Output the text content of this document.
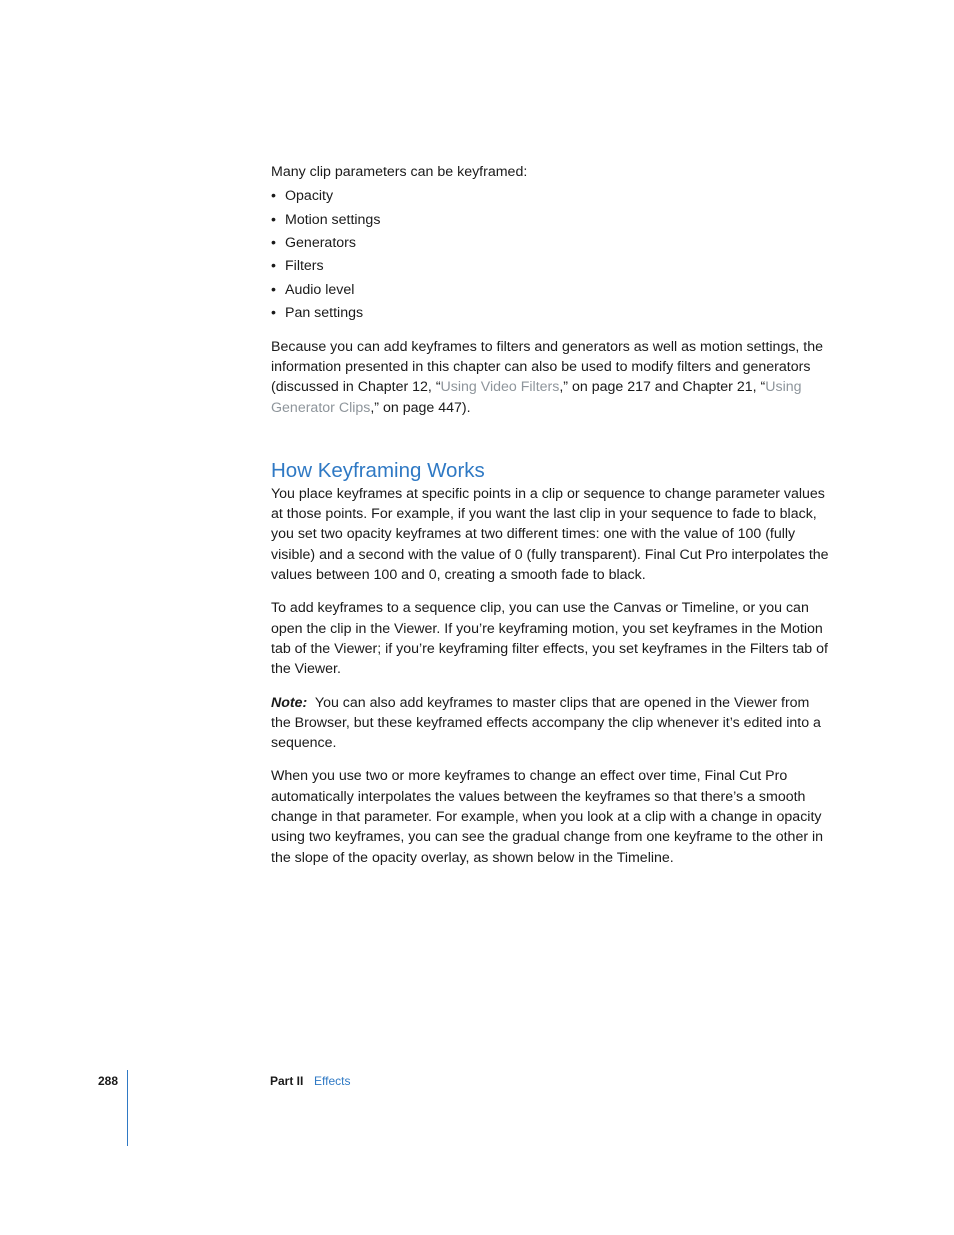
Many clip parameters can be keyframed:

• Opacity
• Motion settings
• Generators
• Filters
• Audio level
• Pan settings

Because you can add keyframes to filters and generators as well as motion settings, the information presented in this chapter can also be used to modify filters and generators (discussed in Chapter 12, “Using Video Filters,” on page 217 and Chapter 21, “Using Generator Clips,” on page 447).

How Keyframing Works

You place keyframes at specific points in a clip or sequence to change parameter values at those points. For example, if you want the last clip in your sequence to fade to black, you set two opacity keyframes at two different times: one with the value of 100 (fully visible) and a second with the value of 0 (fully transparent). Final Cut Pro interpolates the values between 100 and 0, creating a smooth fade to black.

To add keyframes to a sequence clip, you can use the Canvas or Timeline, or you can open the clip in the Viewer. If you’re keyframing motion, you set keyframes in the Motion tab of the Viewer; if you’re keyframing filter effects, you set keyframes in the Filters tab of the Viewer.

Note: You can also add keyframes to master clips that are opened in the Viewer from the Browser, but these keyframed effects accompany the clip whenever it’s edited into a sequence.

When you use two or more keyframes to change an effect over time, Final Cut Pro automatically interpolates the values between the keyframes so that there’s a smooth change in that parameter. For example, when you look at a clip with a change in opacity using two keyframes, you can see the gradual change from one keyframe to the other in the slope of the opacity overlay, as shown below in the Timeline.

288	Part II Effects
